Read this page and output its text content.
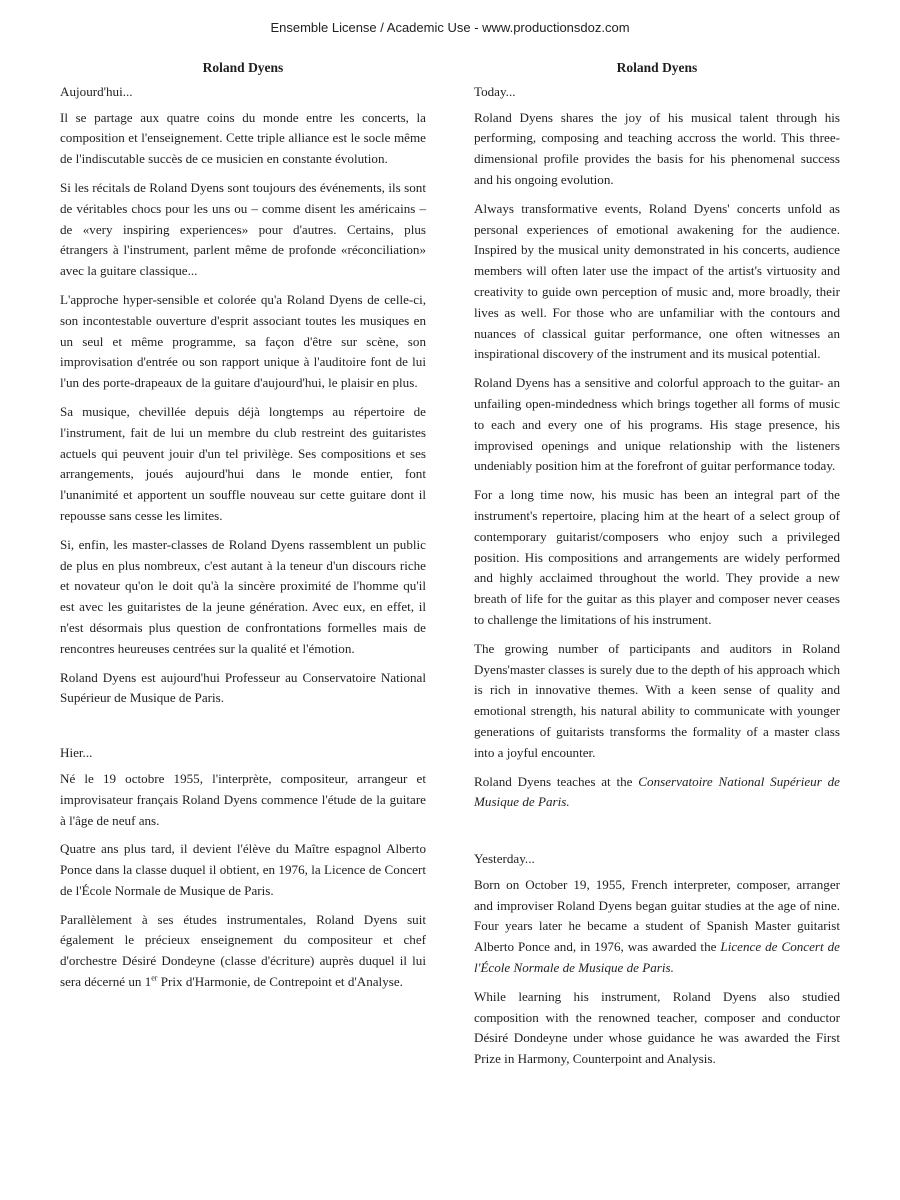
Ensemble License / Academic Use - www.productionsdoz.com
Roland Dyens

Aujourd'hui...

Il se partage aux quatre coins du monde entre les concerts, la composition et l'enseignement. Cette triple alliance est le socle même de l'indiscutable succès de ce musicien en constante évolution.

Si les récitals de Roland Dyens sont toujours des événements, ils sont de véritables chocs pour les uns ou – comme disent les américains – de «very inspiring experiences» pour d'autres. Certains, plus étrangers à l'instrument, parlent même de profonde «réconciliation» avec la guitare classique...

L'approche hyper-sensible et colorée qu'a Roland Dyens de celle-ci, son incontestable ouverture d'esprit associant toutes les musiques en un seul et même programme, sa façon d'être sur scène, son improvisation d'entrée ou son rapport unique à l'auditoire font de lui l'un des porte-drapeaux de la guitare d'aujourd'hui, le plaisir en plus.

Sa musique, chevillée depuis déjà longtemps au répertoire de l'instrument, fait de lui un membre du club restreint des guitaristes actuels qui peuvent jouir d'un tel privilège. Ses compositions et ses arrangements, joués aujourd'hui dans le monde entier, font l'unanimité et apportent un souffle nouveau sur cette guitare dont il repousse sans cesse les limites.

Si, enfin, les master-classes de Roland Dyens rassemblent un public de plus en plus nombreux, c'est autant à la teneur d'un discours riche et novateur qu'on le doit qu'à la sincère proximité de l'homme qu'il est avec les guitaristes de la jeune génération. Avec eux, en effet, il n'est désormais plus question de confrontations formelles mais de rencontres heureuses centrées sur la qualité et l'émotion.

Roland Dyens est aujourd'hui Professeur au Conservatoire National Supérieur de Musique de Paris.

Hier...

Né le 19 octobre 1955, l'interprète, compositeur, arrangeur et improvisateur français Roland Dyens commence l'étude de la guitare à l'âge de neuf ans.

Quatre ans plus tard, il devient l'élève du Maître espagnol Alberto Ponce dans la classe duquel il obtient, en 1976, la Licence de Concert de l'École Normale de Musique de Paris.

Parallèlement à ses études instrumentales, Roland Dyens suit également le précieux enseignement du compositeur et chef d'orchestre Désiré Dondeyne (classe d'écriture) auprès duquel il lui sera décerné un 1er Prix d'Harmonie, de Contrepoint et d'Analyse.

Roland Dyens

Today...

Roland Dyens shares the joy of his musical talent through his performing, composing and teaching accross the world. This three-dimensional profile provides the basis for his phenomenal success and his ongoing evolution.

Always transformative events, Roland Dyens' concerts unfold as personal experiences of emotional awakening for the audience. Inspired by the musical unity demonstrated in his concerts, audience members will often later use the impact of the artist's virtuosity and creativity to guide own perception of music and, more broadly, their lives as well. For those who are unfamiliar with the contours and nuances of classical guitar performance, one often witnesses an inspirational discovery of the instrument and its musical potential.

Roland Dyens has a sensitive and colorful approach to the guitar- an unfailing open-mindedness which brings together all forms of music to each and every one of his programs. His stage presence, his improvised openings and unique relationship with the listeners undeniably position him at the forefront of guitar performance today.

For a long time now, his music has been an integral part of the instrument's repertoire, placing him at the heart of a select group of contemporary guitarist/composers who enjoy such a privileged position. His compositions and arrangements are widely performed and highly acclaimed throughout the world. They provide a new breath of life for the guitar as this player and composer never ceases to challenge the limitations of his instrument.

The growing number of participants and auditors in Roland Dyens'master classes is surely due to the depth of his approach which is rich in innovative themes. With a keen sense of quality and emotional strength, his natural ability to communicate with younger generations of guitarists transforms the formality of a master class into a joyful encounter.

Roland Dyens teaches at the Conservatoire National Supérieur de Musique de Paris.

Yesterday...

Born on October 19, 1955, French interpreter, composer, arranger and improviser Roland Dyens began guitar studies at the age of nine. Four years later he became a student of Spanish Master guitarist Alberto Ponce and, in 1976, was awarded the Licence de Concert de l'École Normale de Musique de Paris.

While learning his instrument, Roland Dyens also studied composition with the renowned teacher, composer and conductor Désiré Dondeyne under whose guidance he was awarded the First Prize in Harmony, Counterpoint and Analysis.
